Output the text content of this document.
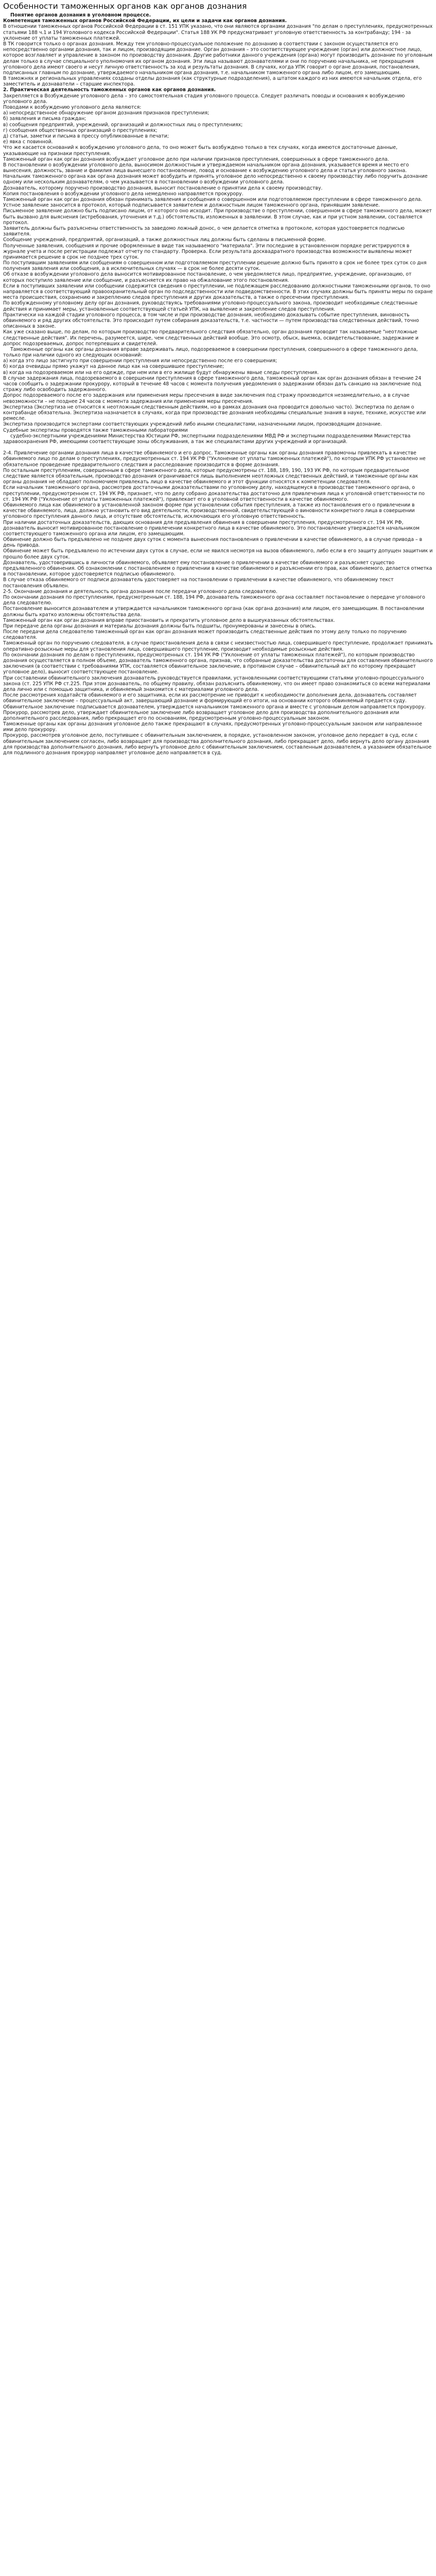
Особенности таможенных органов как органов дознания

Понятие органов дознания в уголовном процессе.

Компетенция таможенных органов Российской Федерации, их цели и задачи как органов дознания.

В отношении таможенных органов Российской Федерации в ст. 151 УПК указано, что они являются органами дознания "по делам о преступлениях, предусмотренных статьями 188 ч.1 и 194 Уголовного кодекса Российской Федерации". Статья 188 УК РФ предусматривает уголовную ответственность за контрабанду; 194 - за уклонение от уплаты таможенных платежей.

В ТК говорится только о органах дознания. Между тем уголовно-процессуальное положение по дознанию в соответствии с законом осуществляется его непосредственно органами дознания, так и лицом, производящим дознание. Орган дознания – это соответствующее учреждение (орган) или должностное лицо, которое возглавляет и управление в законом по производству дознания. Другие работники данного учреждения (органа) могут производить дознание по уголовным делам только в случае специального уполномочия их органом дознания. Эти лица называют дознавателями и они по поручению начальника, не прекращения уголовного дела имеют своего и несут личную ответственность за ход и результаты дознания. В случаях, когда УПК говорит о органе дознания, постановления, подписанных главным по дознание, утверждаемого начальником органа дознания, т.е. начальником таможенного органа либо лицом, его замещающим.

В таможнях и региональных управлениях созданы отделы дознания (как структурные подразделения), а штатом каждого из них имеются начальник отдела, его заместитель и дознаватели – старшие инспектора.

2. Практическая деятельность таможенных органов как органов дознания.

Закрепляется в Возбуждение уголовного дела – это самостоятельная стадия уголовного процесса. Следует различать поводы и основания к возбуждению уголовного дела.

Поводами к возбуждению уголовного дела являются:

а) непосредственное обнаружение органом дознания признаков преступления;

б) заявления и письма граждан;

в) сообщения предприятий, учреждений, организаций и должностных лиц о преступлениях;

г) сообщения общественных организаций о преступлениях;

д) статьи, заметки и письма в прессу опубликованные в печати;

е) явка с повинной.

Что же касается оснований к возбуждению уголовного дела, то оно может быть возбуждено только в тех случаях, когда имеются достаточные данные, указывающие на признаки преступления.

Таможенный орган как орган дознания возбуждает уголовное дело при наличии признаков преступления, совершенных в сфере таможенного дела.

В постановлении о возбуждении уголовного дела, выносимом должностным и утверждаемом начальником органа дознания, указывается время и место его вынесения, должность, звание и фамилия лица вынесшего постановление, повод и основание к возбуждению уголовного дела и статья уголовного закона.

Начальник таможенного органа как органа дознания может возбудить и принять уголовное дело непосредственно к своему производству либо поручить дознание одному или нескольким дознавателям, о чем указывается в постановлении о возбуждении уголовного дела.

Дознаватель, которому поручено производство дознания, выносит постановление о принятии дела к своему производству.

Копия постановления о возбуждении уголовного дела немедленно направляется прокурору.

Таможенный орган как орган дознания обязан принимать заявления и сообщения о совершенном или подготовляемом преступлении в сфере таможенного дела.

Устное заявление заносится в протокол, который подписывается заявителем и должностным лицом таможенного органа, принявшим заявление.

Письменное заявление должно быть подписано лицом, от которого оно исходит. При производстве о преступлении, совершенном в сфере таможенного дела, может быть вызвано для выяснения (истребования, уточнения и т.д.) обстоятельств, изложенных в заявлении. В этом случае, как и при устном заявлении, составляется протокол.

Заявитель должны быть разъяснены ответственность за заведомо ложный донос, о чем делается отметка в протоколе, которая удостоверяется подписью заявителя.

Сообщение учреждений, предприятий, организаций, а также должностных лиц должны быть сделаны в письменной форме.

Полученные заявления, сообщения и прочие оформленные в виде так называемого "материала". Эти последние в установленном порядке регистрируются в журнале учета и после регистрации подлежат отчету по стандарту. Проверка. Если результата досквадратного производства возможности выявлены может принимается решение в срок не позднее трех суток.

По поступившим заявлениям или сообщениям о совершенном или подготовляемом преступлении решение должно быть принято в срок не более трех суток со дня получения заявления или сообщения, а в исключительных случаях — в срок не более десяти суток.

Об отказе в возбуждении уголовного дела выносится мотивированное постановление, о чем уведомляется лицо, предприятие, учреждение, организацию, от которых поступило заявление или сообщение, и разъясняется их право на обжалование этого постановления.

Если в поступивших заявлении или сообщении содержится сведения о преступлении, не подлежащем расследованию должностными таможенными органов, то оно направляется в соответствующий правоохранительный орган по подследственности или подведомственности. В этих случаях должны быть приняты меры по охране места происшествия, сохранению и закреплению следов преступления и других доказательств, а также о пресечении преступления.

По возбужденному уголовному делу орган дознания, руководствуясь требованиями уголовно-процессуального закона, производит необходимые следственные действия и принимает меры, установленные соответствующей статьей УПК, на выявление и закрепление следов преступления.

Практически на каждой стадии уголовного процесса, в том числе и при производстве дознания, необходимо доказывать событие преступления, виновность обвиняемого и ряд других обстоятельств. Это происходит путем собирания доказательств, т.е. частности — путем производства следственных действий, точно описанных в законе.

Как уже сказано выше, по делам, по которым производство предварительного следствия обязательно, орган дознания проводит так называемые "неотложные следственные действия". Их перечень, разумеется, шире, чем следственных действий вообще. Это осмотр, обыск, выемка, освидетельствование, задержание и допрос подозреваемых, допрос потерпевших и свидетелей.

Таможенные органы как органы дознания вправе задерживать лицо, подозреваемое в совершении преступления, совершенного в сфере таможенного дела, только при наличии одного из следующих оснований:

а) когда это лицо застигнуто при совершении преступления или непосредственно после его совершения;

б) когда очевидцы прямо укажут на данное лицо как на совершившее преступление;

в) когда на подозреваемом или на его одежде, при нем или в его жилище будут обнаружены явные следы преступления.

В случае задержания лица, подозреваемого в совершении преступления в сфере таможенного дела, таможенный орган как орган дознания обязан в течение 24 часов сообщить о задержании прокурору, который в течение 48 часов с момента получения уведомления о задержании обязан дать санкцию на заключение под стражу либо освободить задержанного.

Допрос подозреваемого после его задержания или применения меры пресечения в виде заключения под стражу производится незамедлительно, а в случае невозможности – не позднее 24 часов с момента задержания или применения меры пресечения.

Экспертиза (Экспертиза не относится к неотложным следственным действиям, но в рамках дознания она проводится довольно часто). Экспертиза по делам о контрабанде обязательна. Экспертиза назначается в случаях, когда при производстве дознания необходимы специальные знания в науке, технике, искусстве или ремесле.

Экспертиза производится экспертами соответствующих учреждений либо иными специалистами, назначенными лицом, производящим дознание.

Судебные экспертизы проводятся также таможенными лабораториями

судебно-экспертными учреждениями Министерства Юстиции РФ, экспертными подразделениями МВД РФ и экспертными подразделениями Министерства здравоохранения РФ, имеющими соответствующие зоны обслуживания, а так же специалистами других учреждений и организаций.

2-4. Привлечение органами дознания лица в качестве обвиняемого и его допрос. Таможенные органы как органы дознания правомочны привлекать в качестве обвиняемого лицо по делам о преступлениях, предусмотренных ст. 194 УК РФ ("Уклонение от уплаты таможенных платежей"), по которым УПК РФ установлено не обязательное проведение предварительного следствия и расследование производится в форме дознания.

По остальным преступлениям, совершенным в сфере таможенного дела, которые предусмотрены ст. 188, 189, 190, 193 УК РФ, по которым предварительное следствие является обязательным, производство дознания ограничивается лишь выполнением неотложных следственных действий, и таможенные органы как органы дознания не обладают полномочием привлекать лицо в качестве обвиняемого и этот функции относятся к компетенции следователя.

Если начальник таможенного органа, рассмотрев достаточными доказательствами по уголовному делу, находящемуся в производстве таможенного органа, о преступлении, предусмотренном ст. 194 УК РФ, признает, что по делу собрано доказательства достаточно для привлечения лица к уголовной ответственности по ст. 194 УК РФ ("Уклонение от уплаты таможенных платежей"), привлекает его в уголовной ответственности в качестве обвиняемого.

Обвиняемого лица как обвиняемого в установленной законом форме при установлении события преступления, а также из постановления его о привлечении в качестве обвиняемого, лица, должно установить его вид деятельности, производственной, свидетельствующей о виновности конкретного лица в совершении уголовного преступления данного лица, и отсутствие обстоятельств, исключающих его уголовную ответственность.

При наличии достаточных доказательств, дающих основания для предъявления обвинения в совершении преступления, предусмотренного ст. 194 УК РФ, дознаватель выносит мотивированное постановление о привлечении конкретного лица в качестве обвиняемого. Это постановление утверждается начальником соответствующего таможенного органа или лицом, его замещающим.

Обвинение должно быть предъявлено не позднее двух суток с момента вынесения постановления о привлечении в качестве обвиняемого, а в случае привода – в день привода.

Обвинение может быть предъявлено по истечении двух суток в случае, если не явился несмотря на вызов обвиняемого, либо если в его защиту допущен защитник и прошло более двух суток.

Дознаватель, удостоверившись в личности обвиняемого, объявляет ему постановление о привлечении в качестве обвиняемого и разъясняет существо предъявленного обвинения. Об ознакомлении с постановлением о привлечении в качестве обвиняемого и разъяснении его прав, как обвиняемого, делается отметка в постановлении, которое удостоверяется подписью обвиняемого.

В случае отказа обвиняемого от подписи дознаватель удостоверяет на постановлении о привлечении в качестве обвиняемого, что обвиняемому текст постановления объявлен.

2-5. Окончание дознания и деятельность органа дознания после передачи уголовного дела следователю.

По окончании дознания по преступлениям, предусмотренным ст. 188, 194 РФ, дознаватель таможенного органа составляет постановление о передаче уголовного дела следователю.

Постановление выносится дознавателем и утверждается начальником таможенного органа (как органа дознания) или лицом, его замещающим. В постановлении должны быть кратко изложены обстоятельства дела.

Таможенный орган как орган дознания вправе приостановить и прекратить уголовное дело в вышеуказанных обстоятельствах.

При передаче дела органы дознания и материалы дознания должны быть подшиты, пронумерованы и занесены в опись.

После передачи дела следователю таможенный орган как орган дознания может производить следственные действия по этому делу только по поручению следователя.

Таможенный орган по поручению следователя, в случае приостановления дела в связи с неизвестностью лица, совершившего преступление, продолжает принимать оперативно-розыскные меры для установления лица, совершившего преступление, производит необходимые розыскные действия.

По окончании дознания по делам о преступлениях, предусмотренных ст. 194 УК РФ ("Уклонение от уплаты таможенных платежей"), по которым производство дознания осуществляется в полном объеме, дознаватель таможенного органа, признав, что собранные доказательства достаточны для составления обвинительного заключения (в соответствии с требованиями УПК, составляется обвинительное заключение, в противном случае – обвинительный акт по которому прекращает уголовное дело), выносит соответствующее постановление.

При составлении обвинительного заключения дознаватель руководствуется правилами, установленными соответствующими статьями уголовно-процессуального закона (ст. 225 УПК РФ ст.225. При этом дознаватель, по общему правилу, обязан разъяснить обвиняемому, что он имеет право ознакомиться со всеми материалами дела лично или с помощью защитника, и обвиняемый знакомится с материалами уголовного дела.

После рассмотрения ходатайств обвиняемого и его защитника, если их рассмотрение не приводит к необходимости дополнения дела, дознаватель составляет обвинительное заключение – процессуальный акт, завершающий дознание и формирующий его итоги, на основании которого обвиняемый предается суду.

Обвинительное заключение подписывается дознавателем, утверждается начальником таможенного органа и вместе с уголовным делом направляется прокурору.

Прокурор, рассмотрев дело, утверждает обвинительное заключение либо возвращает уголовное дело для производства дополнительного дознания или дополнительного расследования, либо прекращает его по основаниям, предусмотренным уголовно-процессуальным законом.

Таможенные органы как органы дознания уголовное дело также прекращают в случаях, предусмотренных уголовно-процессуальным законом или направленное ими дело прокурору.

Прокурор, рассмотрев уголовное дело, поступившее с обвинительным заключением, в порядке, установленном законом, уголовное дело передает в суд, если с обвинительным заключением согласен, либо возвращает для производства дополнительного дознания, либо прекращает дело, либо вернуть дело органу дознания для производства дополнительного дознания, либо вернуть уголовное дело с обвинительным заключением, составленным дознавателем, а указанием обязательное для подлинного дознания прокурор направляет уголовное дело направляется в суд.
